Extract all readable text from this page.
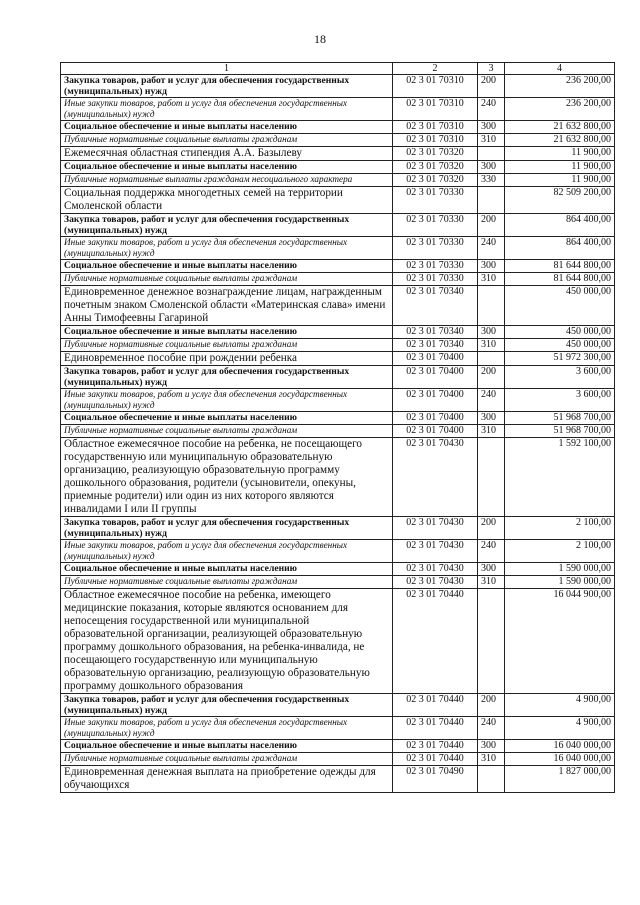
18
1	2	3	4
Закупка товаров, работ и услуг для обеспечения государственных (муниципальных) нужд	02 3 01 70310	200	236 200,00
Иные закупки товаров, работ и услуг для обеспечения государственных (муниципальных) нужд	02 3 01 70310	240	236 200,00
Социальное обеспечение и иные выплаты населению	02 3 01 70310	300	21 632 800,00
Публичные нормативные социальные выплаты гражданам	02 3 01 70310	310	21 632 800,00
Ежемесячная областная стипендия А.А. Базылеву	02 3 01 70320		11 900,00
Социальное обеспечение и иные выплаты населению	02 3 01 70320	300	11 900,00
Публичные нормативные выплаты гражданам несоциального характера	02 3 01 70320	330	11 900,00
Социальная поддержка многодетных семей на территории Смоленской области	02 3 01 70330		82 509 200,00
Закупка товаров, работ и услуг для обеспечения государственных (муниципальных) нужд	02 3 01 70330	200	864 400,00
Иные закупки товаров, работ и услуг для обеспечения государственных (муниципальных) нужд	02 3 01 70330	240	864 400,00
Социальное обеспечение и иные выплаты населению	02 3 01 70330	300	81 644 800,00
Публичные нормативные социальные выплаты гражданам	02 3 01 70330	310	81 644 800,00
Единовременное денежное вознаграждение лицам, награжденным почетным знаком Смоленской области «Материнская слава» имени Анны Тимофеевны Гагариной	02 3 01 70340		450 000,00
Социальное обеспечение и иные выплаты населению	02 3 01 70340	300	450 000,00
Публичные нормативные социальные выплаты гражданам	02 3 01 70340	310	450 000,00
Единовременное пособие при рождении ребенка	02 3 01 70400		51 972 300,00
Закупка товаров, работ и услуг для обеспечения государственных (муниципальных) нужд	02 3 01 70400	200	3 600,00
Иные закупки товаров, работ и услуг для обеспечения государственных (муниципальных) нужд	02 3 01 70400	240	3 600,00
Социальное обеспечение и иные выплаты населению	02 3 01 70400	300	51 968 700,00
Публичные нормативные социальные выплаты гражданам	02 3 01 70400	310	51 968 700,00
Областное ежемесячное пособие на ребенка, не посещающего государственную или муниципальную образовательную организацию, реализующую образовательную программу дошкольного образования, родители (усыновители, опекуны, приемные родители) или один из них которого являются инвалидами I или II группы	02 3 01 70430		1 592 100,00
Закупка товаров, работ и услуг для обеспечения государственных (муниципальных) нужд	02 3 01 70430	200	2 100,00
Иные закупки товаров, работ и услуг для обеспечения государственных (муниципальных) нужд	02 3 01 70430	240	2 100,00
Социальное обеспечение и иные выплаты населению	02 3 01 70430	300	1 590 000,00
Публичные нормативные социальные выплаты гражданам	02 3 01 70430	310	1 590 000,00
Областное ежемесячное пособие на ребенка, имеющего медицинские показания, которые являются основанием для непосещения государственной или муниципальной образовательной организации, реализующей образовательную программу дошкольного образования, на ребенка-инвалида, не посещающего государственную или муниципальную образовательную организацию, реализующую образовательную программу дошкольного образования	02 3 01 70440		16 044 900,00
Закупка товаров, работ и услуг для обеспечения государственных (муниципальных) нужд	02 3 01 70440	200	4 900,00
Иные закупки товаров, работ и услуг для обеспечения государственных (муниципальных) нужд	02 3 01 70440	240	4 900,00
Социальное обеспечение и иные выплаты населению	02 3 01 70440	300	16 040 000,00
Публичные нормативные социальные выплаты гражданам	02 3 01 70440	310	16 040 000,00
Единовременная денежная выплата на приобретение одежды для обучающихся	02 3 01 70490		1 827 000,00
